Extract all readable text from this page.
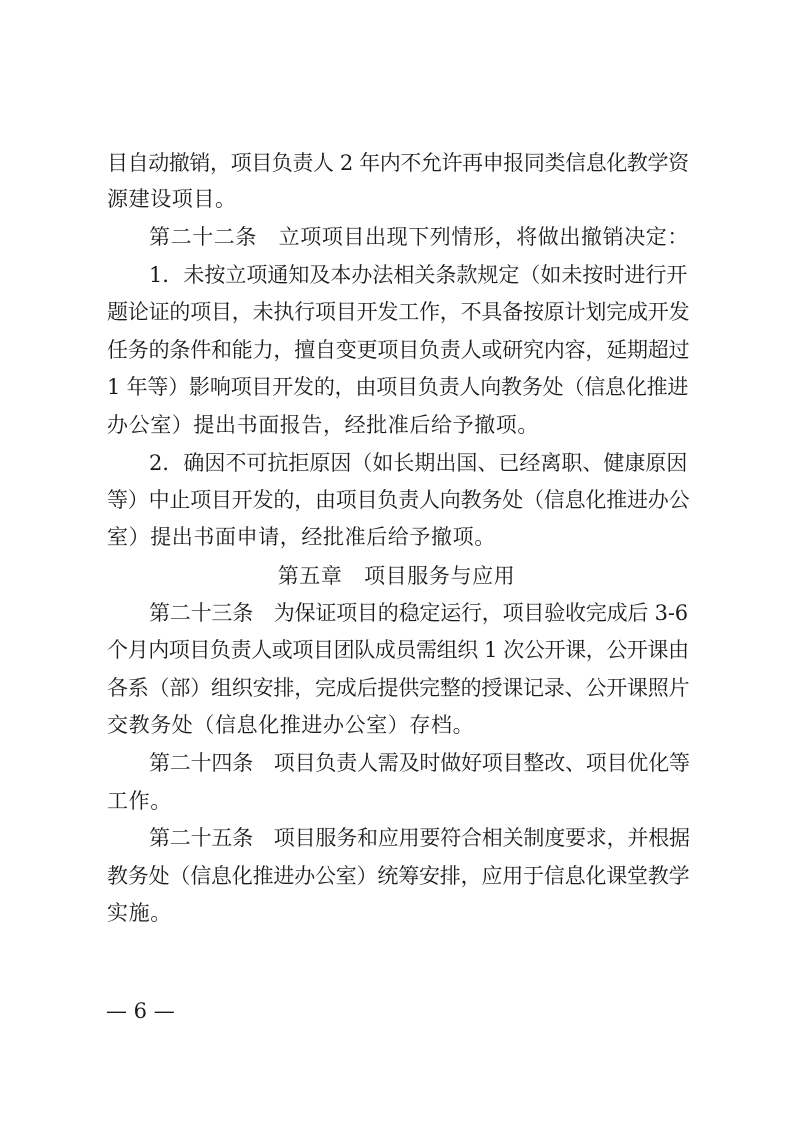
目自动撤销，项目负责人 2 年内不允许再申报同类信息化教学资
源建设项目。
第二十二条　立项项目出现下列情形，将做出撤销决定：
1．未按立项通知及本办法相关条款规定（如未按时进行开
题论证的项目，未执行项目开发工作，不具备按原计划完成开发
任务的条件和能力，擅自变更项目负责人或研究内容，延期超过
1 年等）影响项目开发的，由项目负责人向教务处（信息化推进
办公室）提出书面报告，经批准后给予撤项。
2．确因不可抗拒原因（如长期出国、已经离职、健康原因
等）中止项目开发的，由项目负责人向教务处（信息化推进办公
室）提出书面申请，经批准后给予撤项。
第五章　项目服务与应用
第二十三条　为保证项目的稳定运行，项目验收完成后 3-6
个月内项目负责人或项目团队成员需组织 1 次公开课，公开课由
各系（部）组织安排，完成后提供完整的授课记录、公开课照片
交教务处（信息化推进办公室）存档。
第二十四条　项目负责人需及时做好项目整改、项目优化等
工作。
第二十五条　项目服务和应用要符合相关制度要求，并根据
教务处（信息化推进办公室）统筹安排，应用于信息化课堂教学
实施。
— 6 —
